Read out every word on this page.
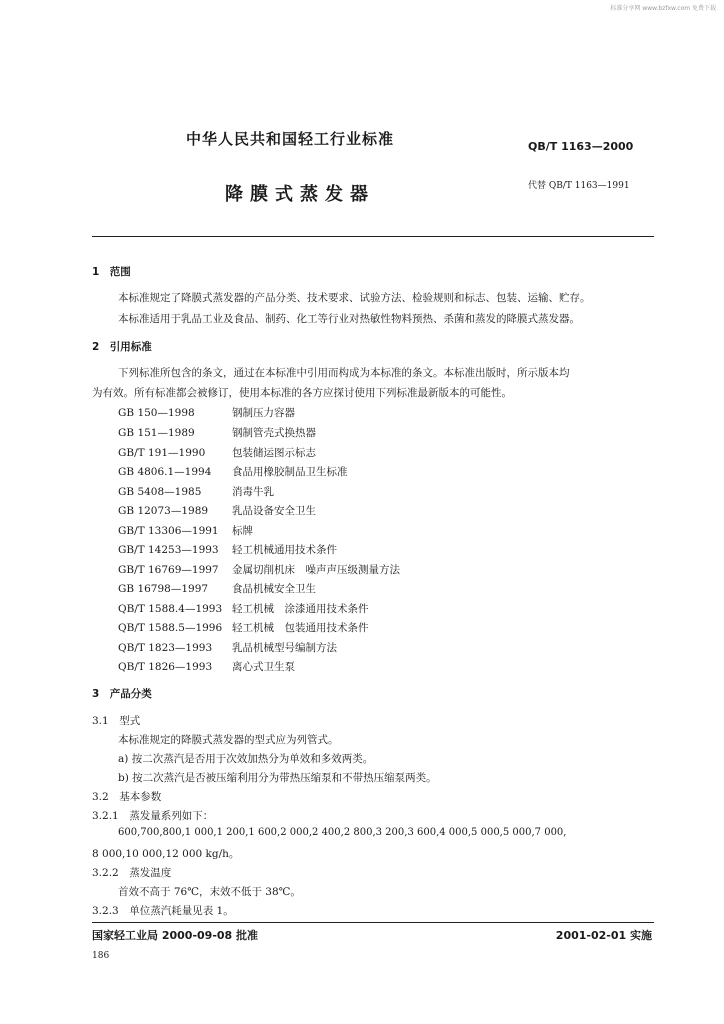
标准分享网 www.bzfxw.com 免费下载
中华人民共和国轻工行业标准	QB/T 1163—2000
降膜式蒸发器	代替 QB/T 1163—1991
1　范围
本标准规定了降膜式蒸发器的产品分类、技术要求、试验方法、检验规则和标志、包装、运输、贮存。
本标准适用于乳品工业及食品、制药、化工等行业对热敏性物料预热、杀菌和蒸发的降膜式蒸发器。
2　引用标准
下列标准所包含的条文，通过在本标准中引用而构成为本标准的条文。本标准出版时，所示版本均
为有效。所有标准都会被修订，使用本标准的各方应探讨使用下列标准最新版本的可能性。
GB 150—1998	钢制压力容器
GB 151—1989	钢制管壳式换热器
GB/T 191—1990	包装储运图示标志
GB 4806.1—1994 食品用橡胶制品卫生标准
GB 5408—1985	消毒牛乳
GB 12073—1989 乳品设备安全卫生
GB/T 13306—1991 标牌
GB/T 14253—1993 轻工机械通用技术条件
GB/T 16769—1997 金属切削机床　噪声声压级测量方法
GB 16798—1997 食品机械安全卫生
QB/T 1588.4—1993 轻工机械　涂漆通用技术条件
QB/T 1588.5—1996 轻工机械　包装通用技术条件
QB/T 1823—1993 乳品机械型号编制方法
QB/T 1826—1993 离心式卫生泵
3　产品分类
3.1　型式
本标准规定的降膜式蒸发器的型式应为列管式。
a) 按二次蒸汽是否用于次效加热分为单效和多效两类。
b) 按二次蒸汽是否被压缩利用分为带热压缩泵和不带热压缩泵两类。
3.2　基本参数
3.2.1　蒸发量系列如下：
600,700,800,1 000,1 200,1 600,2 000,2 400,2 800,3 200,3 600,4 000,5 000,5 000,7 000,
8 000,10 000,12 000 kg/h。
3.2.2　蒸发温度
首效不高于 76℃，末效不低于 38℃。
3.2.3　单位蒸汽耗量见表 1。
国家轻工业局 2000-09-08 批准	2001-02-01 实施
186
